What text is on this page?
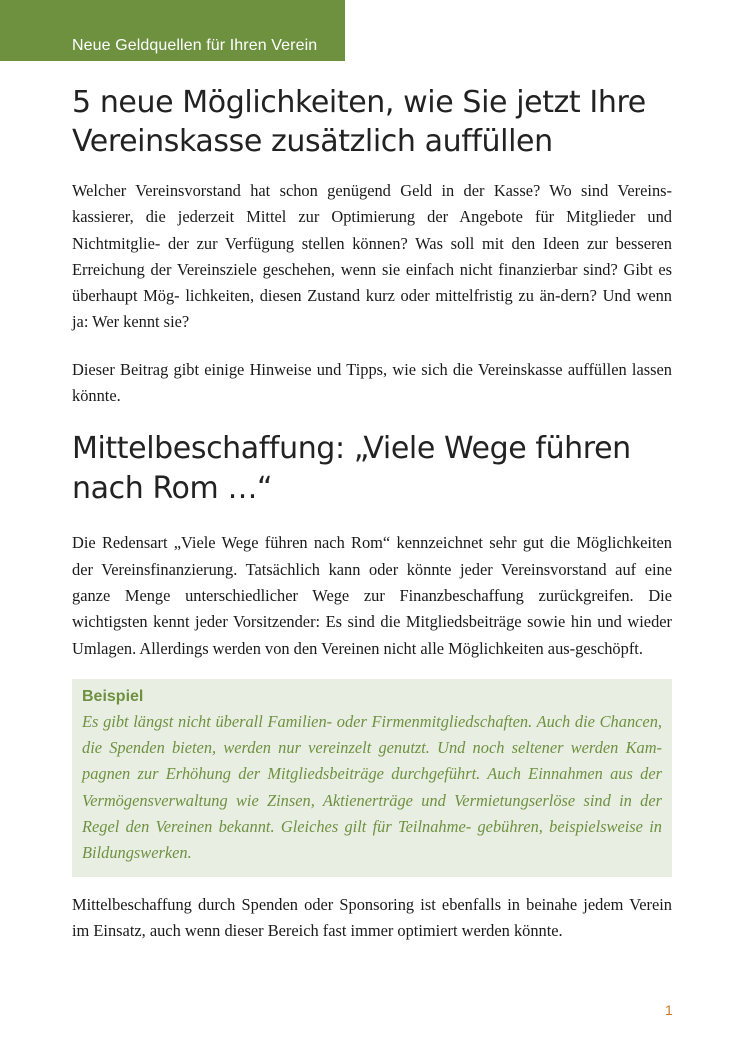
Neue Geldquellen für Ihren Verein
5 neue Möglichkeiten, wie Sie jetzt Ihre Vereinskasse zusätzlich auffüllen

Welcher Vereinsvorstand hat schon genügend Geld in der Kasse? Wo sind Vereins-kassierer, die jederzeit Mittel zur Optimierung der Angebote für Mitglieder und Nichtmitglie- der zur Verfügung stellen können? Was soll mit den Ideen zur besseren Erreichung der Vereinsziele geschehen, wenn sie einfach nicht finanzierbar sind? Gibt es überhaupt Mög- lichkeiten, diesen Zustand kurz oder mittelfristig zu än-dern? Und wenn ja: Wer kennt sie?

Dieser Beitrag gibt einige Hinweise und Tipps, wie sich die Vereinskasse auffüllen lassen könnte.

Mittelbeschaffung: „Viele Wege führen nach Rom …“

Die Redensart „Viele Wege führen nach Rom“ kennzeichnet sehr gut die Möglichkeiten der Vereinsfinanzierung. Tatsächlich kann oder könnte jeder Vereinsvorstand auf eine ganze Menge unterschiedlicher Wege zur Finanzbeschaffung zurückgreifen. Die wichtigsten kennt jeder Vorsitzender: Es sind die Mitgliedsbeiträge sowie hin und wieder Umlagen. Allerdings werden von den Vereinen nicht alle Möglichkeiten aus-geschöpft.

Beispiel
Es gibt längst nicht überall Familien- oder Firmenmitgliedschaften. Auch die Chancen, die Spenden bieten, werden nur vereinzelt genutzt. Und noch seltener werden Kam-pagnen zur Erhöhung der Mitgliedsbeiträge durchgeführt. Auch Einnahmen aus der Vermögensverwaltung wie Zinsen, Aktienerträge und Vermietungserlöse sind in der Regel den Vereinen bekannt. Gleiches gilt für Teilnahme- gebühren, beispielsweise in Bildungswerken.

Mittelbeschaffung durch Spenden oder Sponsoring ist ebenfalls in beinahe jedem Verein im Einsatz, auch wenn dieser Bereich fast immer optimiert werden könnte.

1
